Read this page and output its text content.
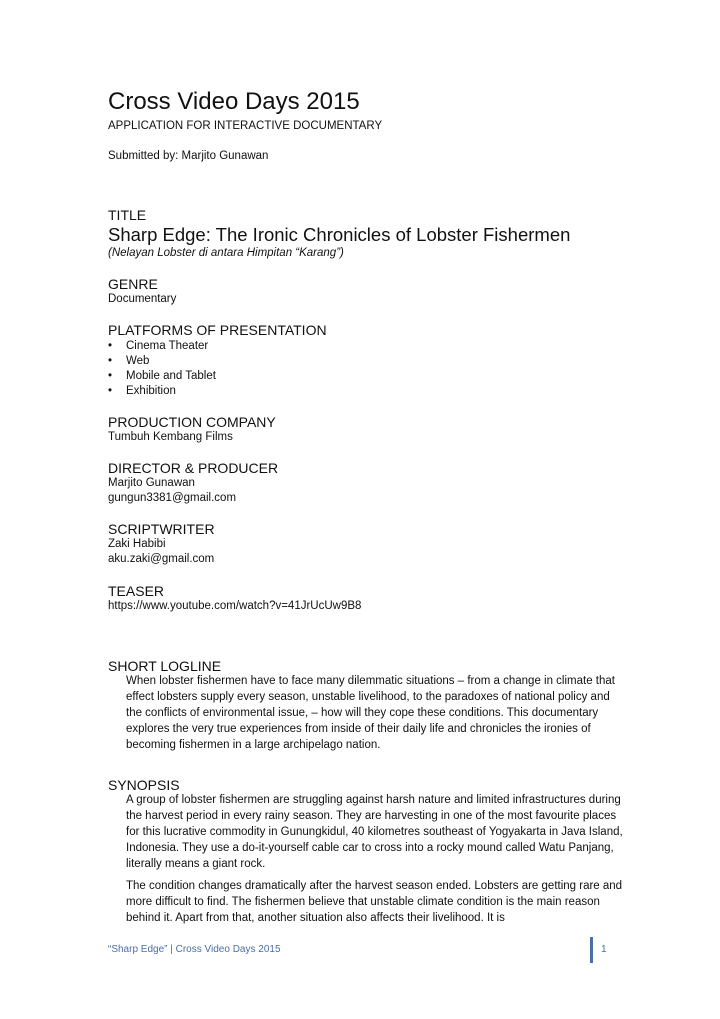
Cross Video Days 2015
APPLICATION FOR INTERACTIVE DOCUMENTARY
Submitted by: Marjito Gunawan
TITLE
Sharp Edge: The Ironic Chronicles of Lobster Fishermen
(Nelayan Lobster di antara Himpitan “Karang”)
GENRE
Documentary
PLATFORMS OF PRESENTATION
• Cinema Theater
• Web
• Mobile and Tablet
• Exhibition
PRODUCTION COMPANY
Tumbuh Kembang Films
DIRECTOR & PRODUCER
Marjito Gunawan
gungun3381@gmail.com
SCRIPTWRITER
Zaki Habibi
aku.zaki@gmail.com
TEASER
https://www.youtube.com/watch?v=41JrUcUw9B8
SHORT LOGLINE

When lobster fishermen have to face many dilemmatic situations – from a change in climate that effect lobsters supply every season, unstable livelihood, to the paradoxes of national policy and the conflicts of environmental issue, – how will they cope these conditions. This documentary explores the very true experiences from inside of their daily life and chronicles the ironies of becoming fishermen in a large archipelago nation.

SYNOPSIS

A group of lobster fishermen are struggling against harsh nature and limited infrastructures during the harvest period in every rainy season. They are harvesting in one of the most favourite places for this lucrative commodity in Gunungkidul, 40 kilometres southeast of Yogyakarta in Java Island, Indonesia. They use a do-it-yourself cable car to cross into a rocky mound called Watu Panjang, literally means a giant rock.

The condition changes dramatically after the harvest season ended. Lobsters are getting rare and more difficult to find. The fishermen believe that unstable climate condition is the main reason behind it. Apart from that, another situation also affects their livelihood. It is

“Sharp Edge” | Cross Video Days 2015	1
